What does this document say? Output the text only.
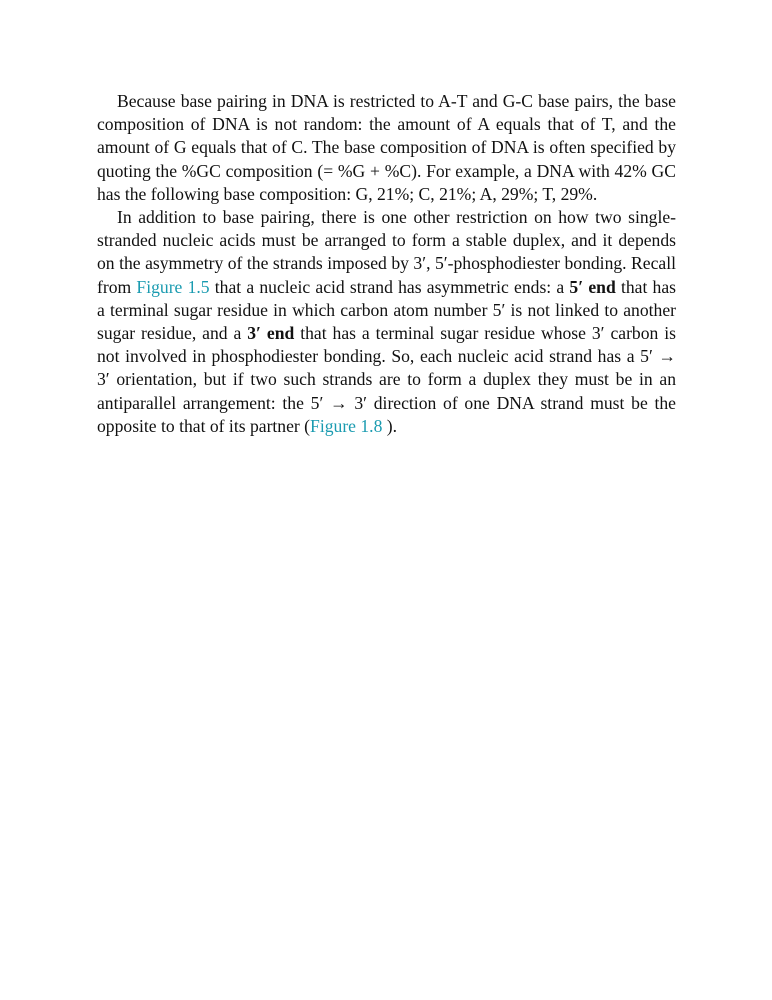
Because base pairing in DNA is restricted to A-T and G-C base pairs, the base composition of DNA is not random: the amount of A equals that of T, and the amount of G equals that of C. The base composition of DNA is often specified by quoting the %GC composition (= %G + %C). For example, a DNA with 42% GC has the following base composition: G, 21%; C, 21%; A, 29%; T, 29%.

In addition to base pairing, there is one other restriction on how two single-stranded nucleic acids must be arranged to form a stable duplex, and it depends on the asymmetry of the strands imposed by 3′, 5′-phosphodiester bonding. Recall from Figure 1.5 that a nucleic acid strand has asymmetric ends: a 5′ end that has a terminal sugar residue in which carbon atom number 5′ is not linked to another sugar residue, and a 3′ end that has a terminal sugar residue whose 3′ carbon is not involved in phosphodiester bonding. So, each nucleic acid strand has a 5′ → 3′ orientation, but if two such strands are to form a duplex they must be in an antiparallel arrangement: the 5′ → 3′ direction of one DNA strand must be the opposite to that of its partner (Figure 1.8 ).
